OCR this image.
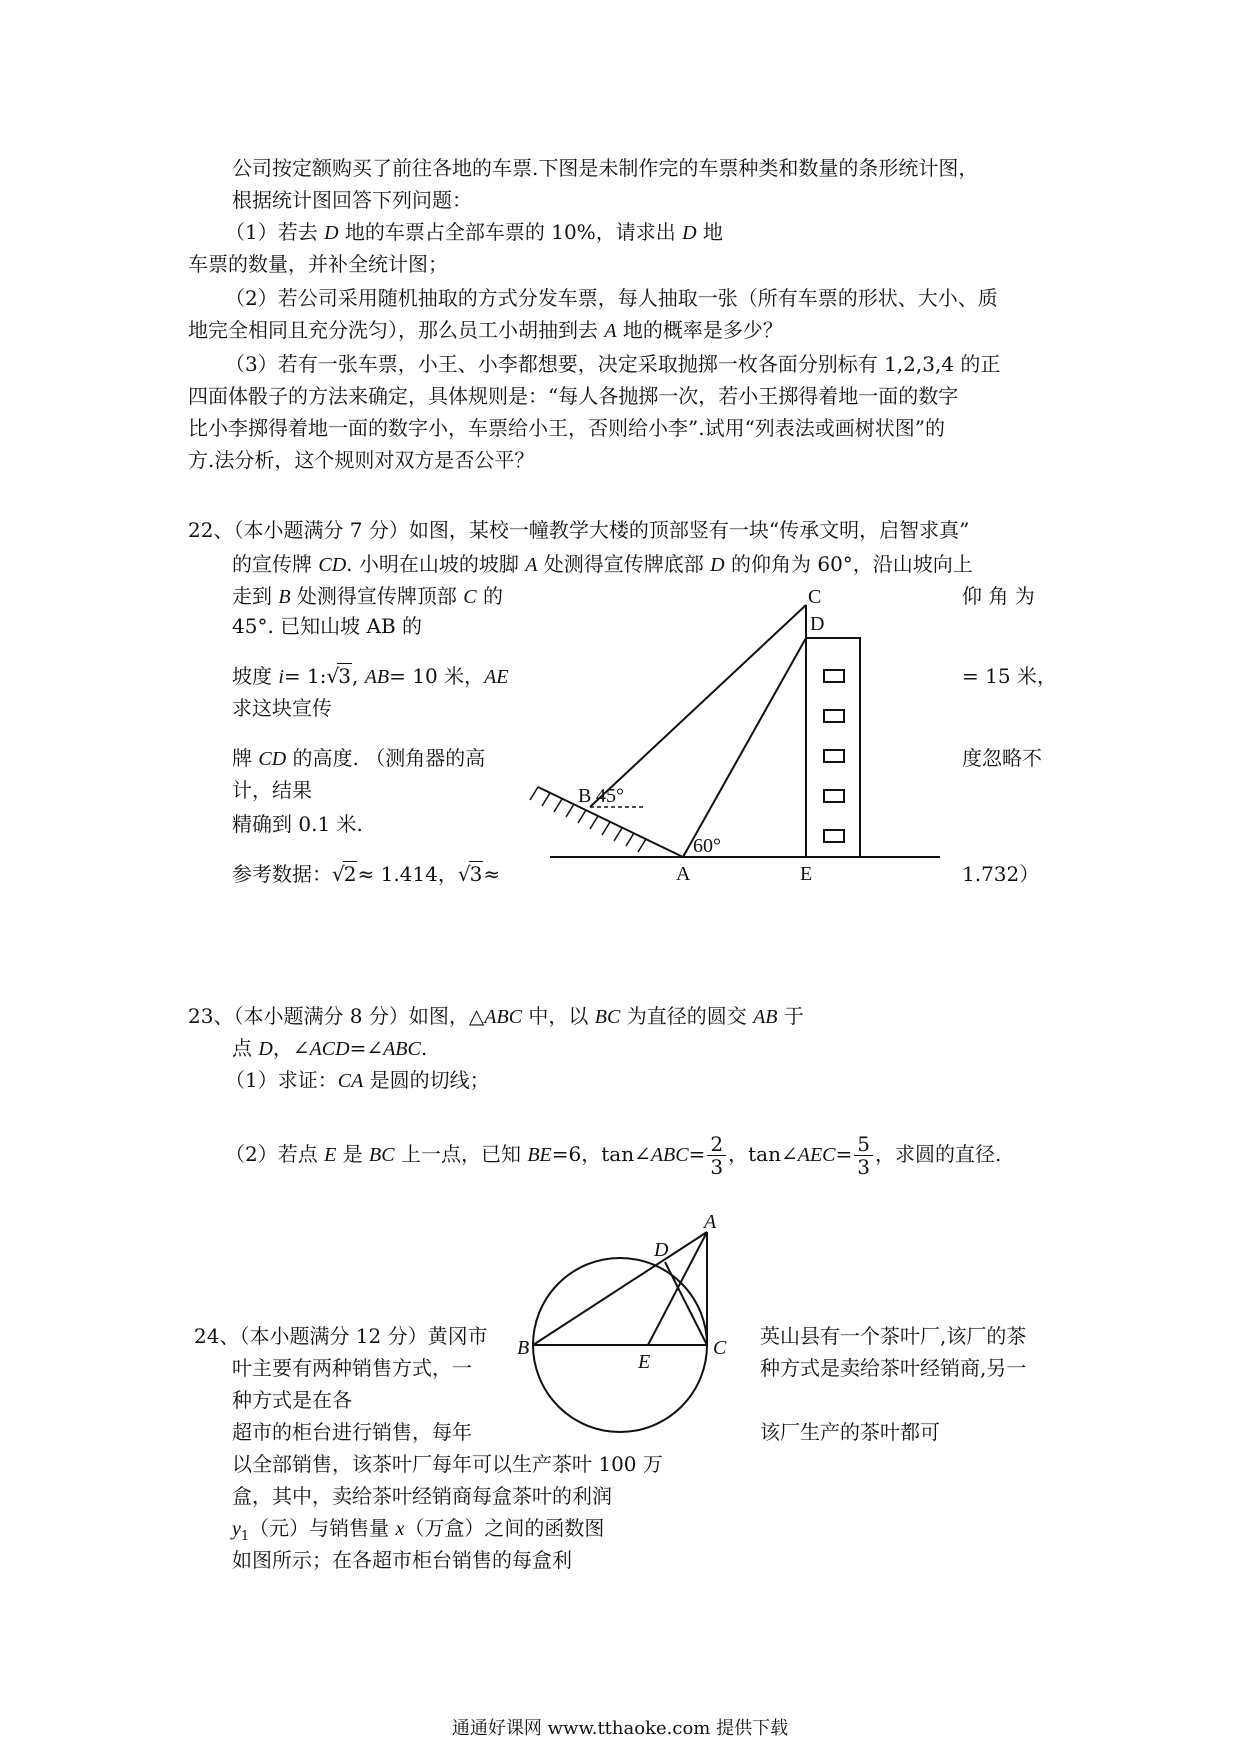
公司按定额购买了前往各地的车票.下图是未制作完的车票种类和数量的条形统计图，
根据统计图回答下列问题：
（1）若去 D 地的车票占全部车票的 10%，请求出 D 地
车票的数量，并补全统计图；
（2）若公司采用随机抽取的方式分发车票，每人抽取一张（所有车票的形状、大小、质
地完全相同且充分洗匀），那么员工小胡抽到去 A 地的概率是多少？
（3）若有一张车票，小王、小李都想要，决定采取抛掷一枚各面分别标有 1,2,3,4 的正
四面体骰子的方法来确定，具体规则是：“每人各抛掷一次，若小王掷得着地一面的数字
比小李掷得着地一面的数字小，车票给小王，否则给小李”.试用“列表法或画树状图”的
方.法分析，这个规则对双方是否公平？
22、（本小题满分 7 分）如图，某校一幢教学大楼的顶部竖有一块“传承文明，启智求真”
的宣传牌 CD. 小明在山坡的坡脚 A 处测得宣传牌底部 D 的仰角为 60°，沿山坡向上
走到 B 处测得宣传牌顶部 C 的	仰 角 为
45°. 已知山坡 AB 的
坡度 i= 1:√3, AB= 10 米，AE	= 15 米，
求这块宣传
牌 CD 的高度. （测角器的高	度忽略不
计，结果
精确到 0.1 米.
参考数据：√2≈ 1.414，√3≈	1.732）
C
D
B 45°
60°
A	E
23、（本小题满分 8 分）如图，△ABC 中，以 BC 为直径的圆交 AB 于
点 D，∠ACD=∠ABC.
（1）求证：CA 是圆的切线；
（2）若点 E 是 BC 上一点，已知 BE=6，tan∠ABC= $\frac{2}{3}$ ，tan∠AEC= $\frac{5}{3}$ ，求圆的直径.
A
D
B	C
E
24、（本小题满分 12 分）黄冈市	英山县有一个茶叶厂,该厂的茶
叶主要有两种销售方式，一	种方式是卖给茶叶经销商,另一
种方式是在各
超市的柜台进行销售，每年	该厂生产的茶叶都可
以全部销售，该茶叶厂每年可以生产茶叶 100 万
盒，其中，卖给茶叶经销商每盒茶叶的利润
$y_1$（元）与销售量 x（万盒）之间的函数图
如图所示；在各超市柜台销售的每盒利
通通好课网 www.tthaoke.com 提供下载
